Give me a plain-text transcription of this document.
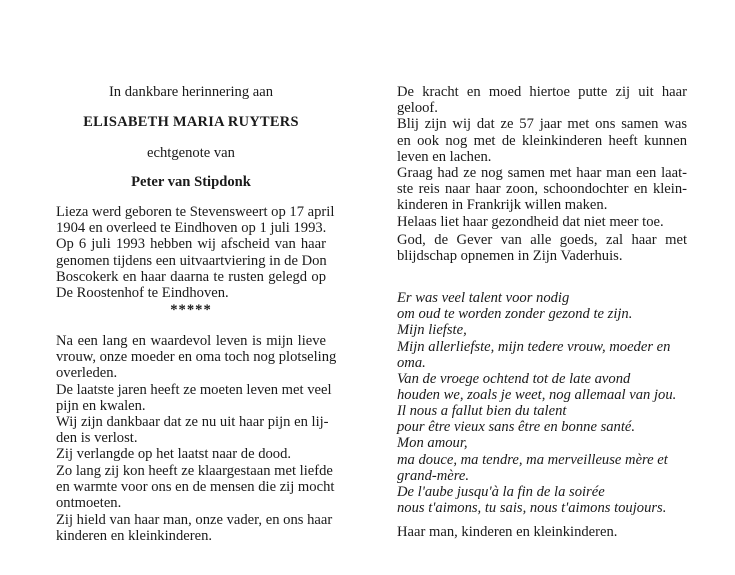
In dankbare herinnering aan
ELISABETH MARIA RUYTERS
echtgenote van
Peter van Stipdonk
Lieza werd geboren te Stevensweert op 17 april
1904 en overleed te Eindhoven op 1 juli 1993.
Op 6 juli 1993 hebben wij afscheid van haar
genomen tijdens een uitvaartviering in de Don
Boscokerk en haar daarna te rusten gelegd op
De Roostenhof te Eindhoven.
*****
Na een lang en waardevol leven is mijn lieve
vrouw, onze moeder en oma toch nog plotseling
overleden.
De laatste jaren heeft ze moeten leven met veel
pijn en kwalen.
Wij zijn dankbaar dat ze nu uit haar pijn en lij-
den is verlost.
Zij verlangde op het laatst naar de dood.
Zo lang zij kon heeft ze klaargestaan met liefde
en warmte voor ons en de mensen die zij mocht
ontmoeten.
Zij hield van haar man, onze vader, en ons haar
kinderen en kleinkinderen.
De kracht en moed hiertoe putte zij uit haar
geloof.
Blij zijn wij dat ze 57 jaar met ons samen was
en ook nog met de kleinkinderen heeft kunnen
leven en lachen.
Graag had ze nog samen met haar man een laat-
ste reis naar haar zoon, schoondochter en klein-
kinderen in Frankrijk willen maken.
Helaas liet haar gezondheid dat niet meer toe.
God, de Gever van alle goeds, zal haar met
blijdschap opnemen in Zijn Vaderhuis.
Er was veel talent voor nodig
om oud te worden zonder gezond te zijn.
Mijn liefste,
Mijn allerliefste, mijn tedere vrouw, moeder en
oma.
Van de vroege ochtend tot de late avond
houden we, zoals je weet, nog allemaal van jou.
Il nous a fallut bien du talent
pour être vieux sans être en bonne santé.
Mon amour,
ma douce, ma tendre, ma merveilleuse mère et
grand-mère.
De l'aube jusqu'à la fin de la soirée
nous t'aimons, tu sais, nous t'aimons toujours.
Haar man, kinderen en kleinkinderen.
